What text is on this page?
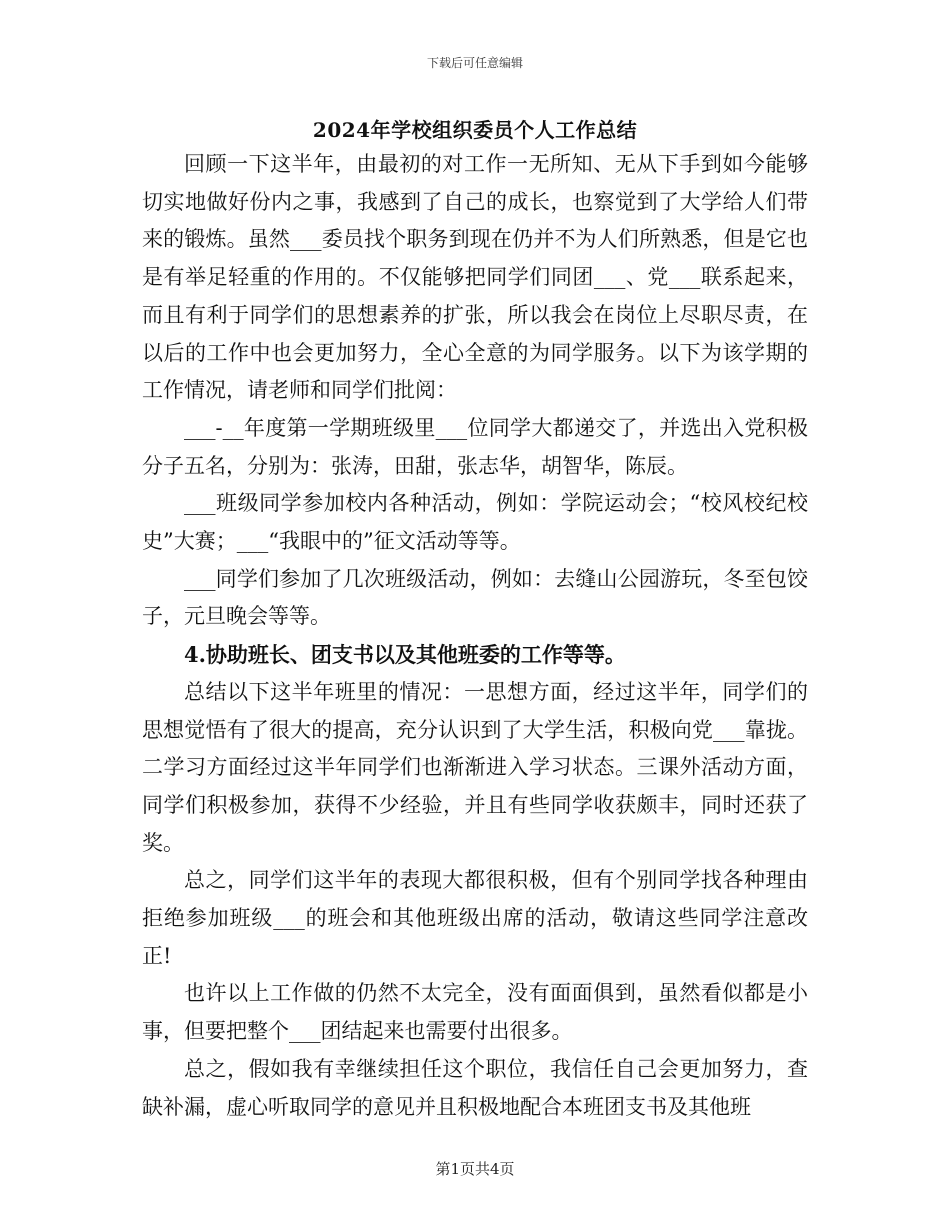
下载后可任意编辑
2024年学校组织委员个人工作总结

回顾一下这半年，由最初的对工作一无所知、无从下手到如今能够切实地做好份内之事，我感到了自己的成长，也察觉到了大学给人们带来的锻炼。虽然___委员找个职务到现在仍并不为人们所熟悉，但是它也是有举足轻重的作用的。不仅能够把同学们同团___、党___联系起来，而且有利于同学们的思想素养的扩张，所以我会在岗位上尽职尽责，在以后的工作中也会更加努力，全心全意的为同学服务。以下为该学期的工作情况，请老师和同学们批阅：

___-__年度第一学期班级里___位同学大都递交了，并选出入党积极分子五名，分别为：张涛，田甜，张志华，胡智华，陈辰。

___班级同学参加校内各种活动，例如：学院运动会；“校风校纪校史”大赛；___“我眼中的”征文活动等等。

___同学们参加了几次班级活动，例如：去缝山公园游玩，冬至包饺子，元旦晚会等等。

4.协助班长、团支书以及其他班委的工作等等。

总结以下这半年班里的情况：一思想方面，经过这半年，同学们的思想觉悟有了很大的提高，充分认识到了大学生活，积极向党___靠拢。二学习方面经过这半年同学们也渐渐进入学习状态。三课外活动方面，同学们积极参加，获得不少经验，并且有些同学收获颇丰，同时还获了奖。

总之，同学们这半年的表现大都很积极，但有个别同学找各种理由拒绝参加班级___的班会和其他班级出席的活动，敬请这些同学注意改正!

也许以上工作做的仍然不太完全，没有面面俱到，虽然看似都是小事，但要把整个___团结起来也需要付出很多。

总之，假如我有幸继续担任这个职位，我信任自己会更加努力，查缺补漏，虚心听取同学的意见并且积极地配合本班团支书及其他班

第1页共4页
